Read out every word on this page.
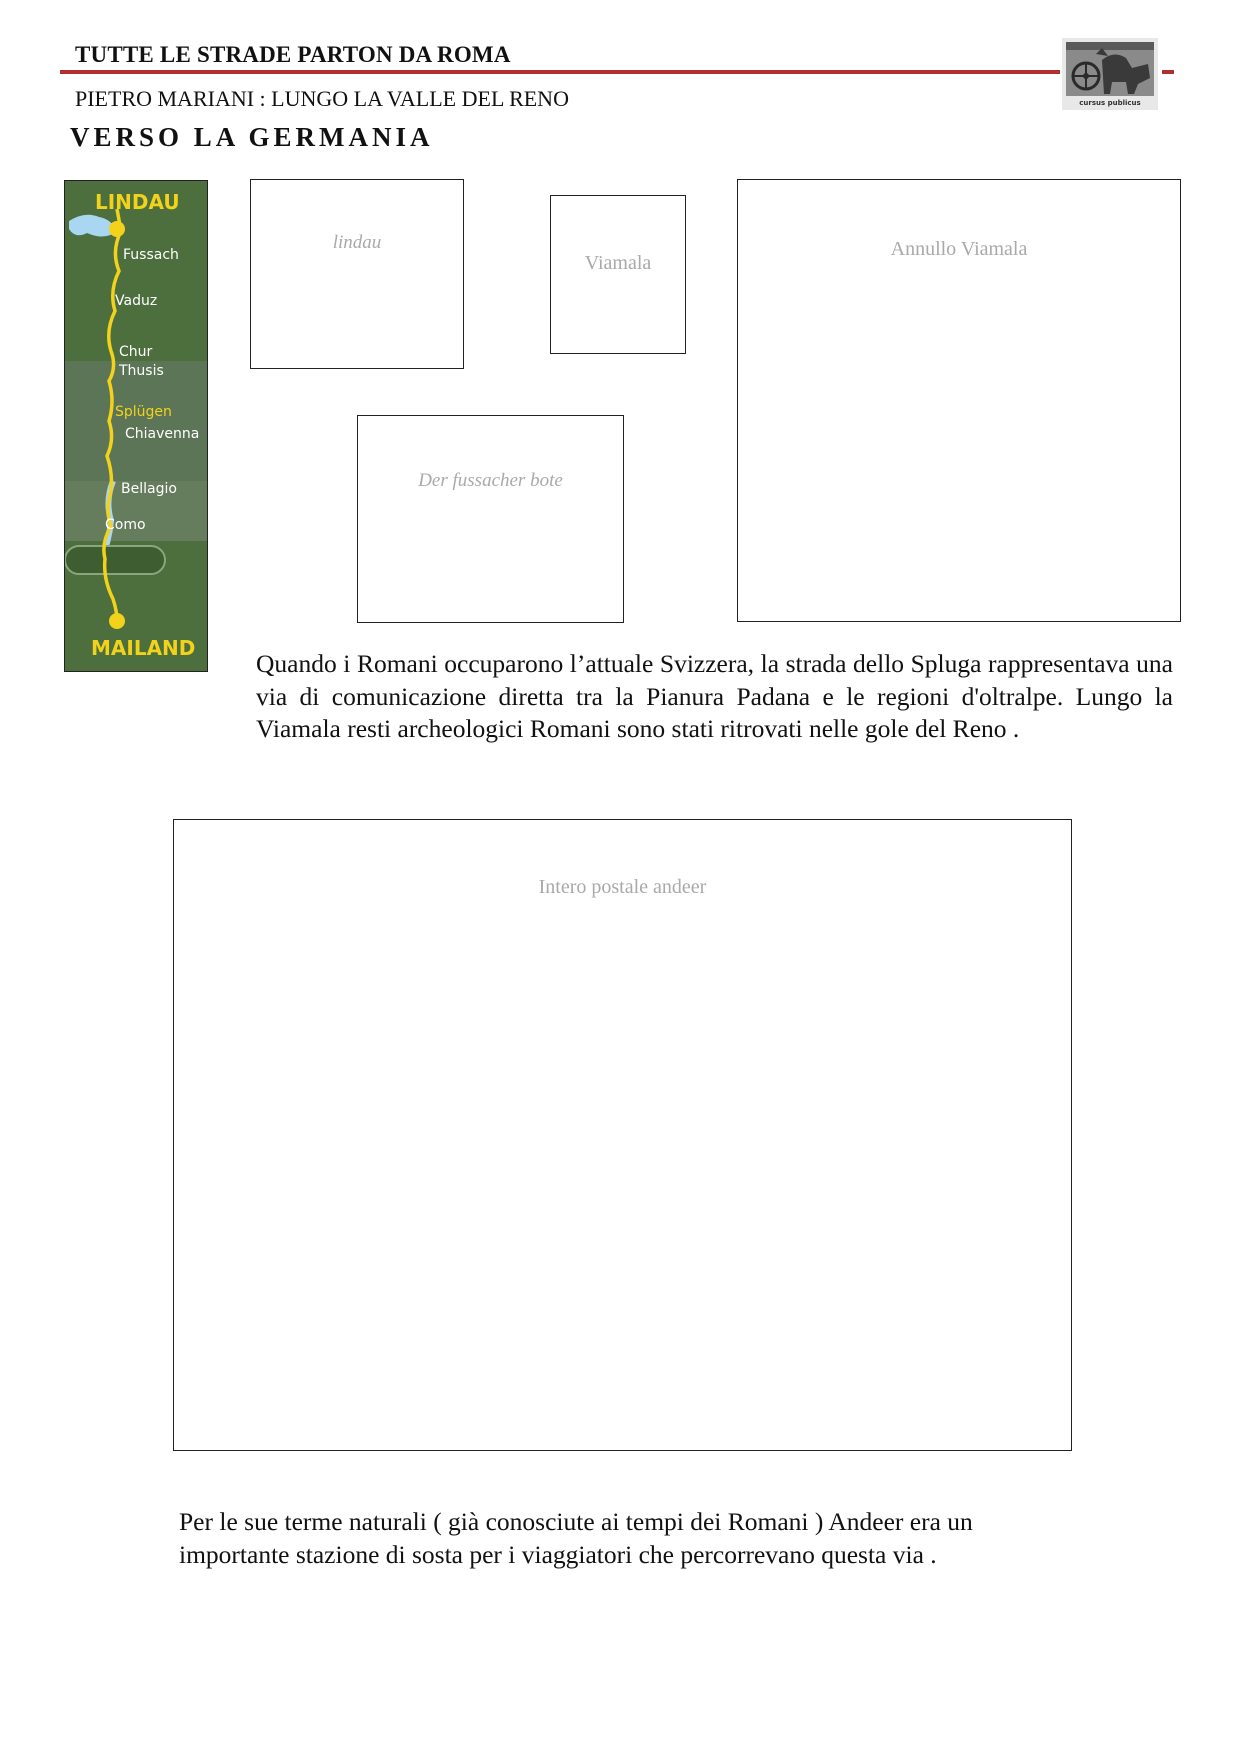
TUTTE LE STRADE PARTON DA ROMA
PIETRO MARIANI : LUNGO LA VALLE DEL RENO	cursus publicus
VERSO LA GERMANIA
LINDAU
Fussach
Vaduz
Chur
Thusis
Splügen
Chiavenna
Bellagio
Como
MAILAND
lindau
Viamala
Annullo Viamala
Der fussacher bote
Quando i Romani occuparono l’attuale Svizzera, la strada dello Spluga rappresentava una via di comunicazione diretta tra la Pianura Padana e le regioni d'oltralpe. Lungo la Viamala resti archeologici Romani sono stati ritrovati nelle gole del Reno .
Intero postale andeer
Per le sue terme naturali ( già conosciute ai tempi dei Romani ) Andeer era un importante stazione di sosta per i viaggiatori che percorrevano questa via .
